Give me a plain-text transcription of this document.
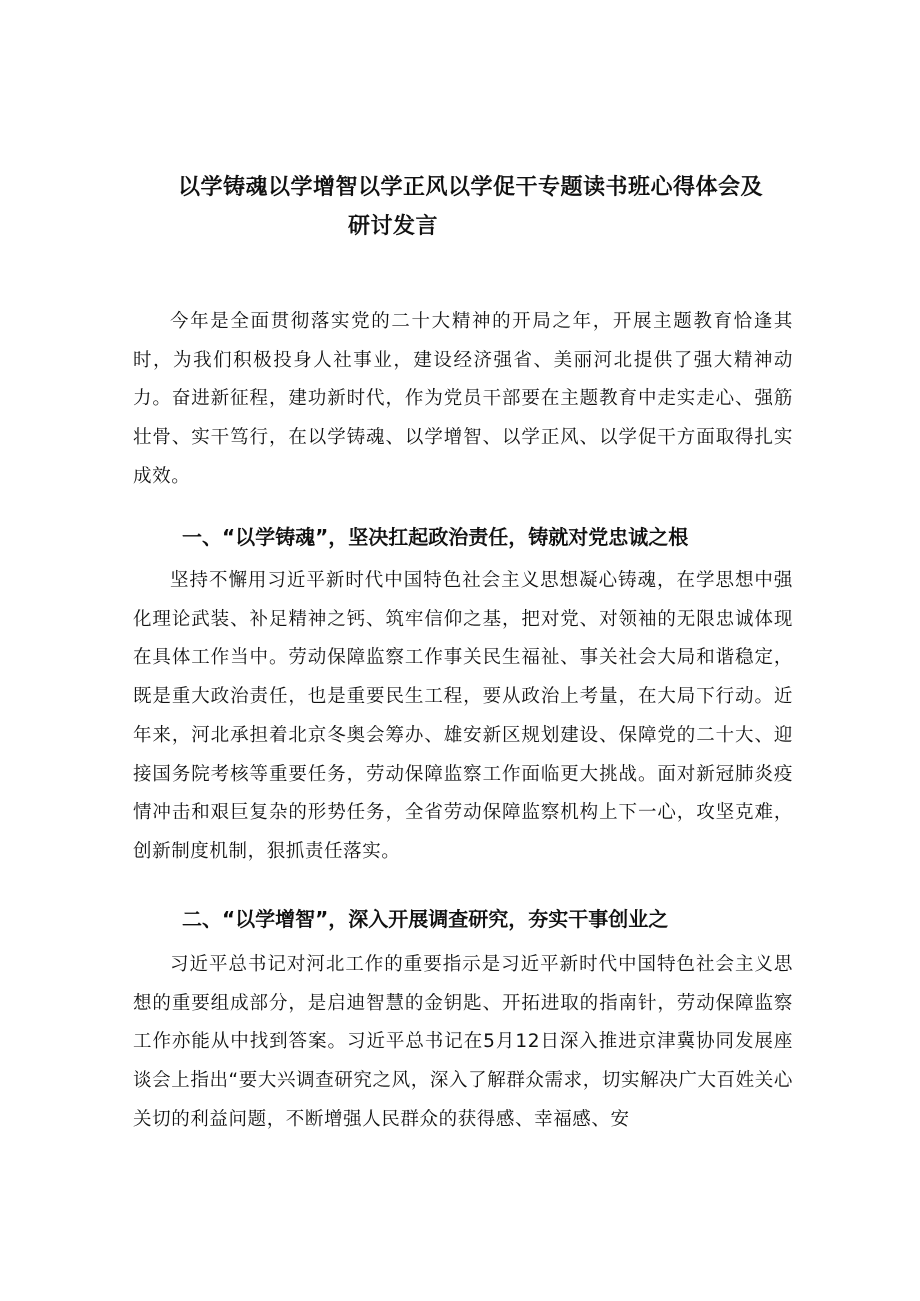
以学铸魂以学增智以学正风以学促干专题读书班心得体会及
研讨发言

今年是全面贯彻落实党的二十大精神的开局之年，开展主题教育恰逢其时，为我们积极投身人社事业，建设经济强省、美丽河北提供了强大精神动力。奋进新征程，建功新时代，作为党员干部要在主题教育中走实走心、强筋壮骨、实干笃行，在以学铸魂、以学增智、以学正风、以学促干方面取得扎实成效。

一、“以学铸魂”，坚决扛起政治责任，铸就对党忠诚之根

坚持不懈用习近平新时代中国特色社会主义思想凝心铸魂，在学思想中强化理论武装、补足精神之钙、筑牢信仰之基，把对党、对领袖的无限忠诚体现在具体工作当中。劳动保障监察工作事关民生福祉、事关社会大局和谐稳定，既是重大政治责任，也是重要民生工程，要从政治上考量，在大局下行动。近年来，河北承担着北京冬奥会筹办、雄安新区规划建设、保障党的二十大、迎接国务院考核等重要任务，劳动保障监察工作面临更大挑战。面对新冠肺炎疫情冲击和艰巨复杂的形势任务，全省劳动保障监察机构上下一心，攻坚克难，创新制度机制，狠抓责任落实。

二、“以学增智”，深入开展调查研究，夯实干事创业之

习近平总书记对河北工作的重要指示是习近平新时代中国特色社会主义思想的重要组成部分，是启迪智慧的金钥匙、开拓进取的指南针，劳动保障监察工作亦能从中找到答案。习近平总书记在5月12日深入推进京津冀协同发展座谈会上指出“要大兴调查研究之风，深入了解群众需求，切实解决广大百姓关心关切的利益问题，不断增强人民群众的获得感、幸福感、安
